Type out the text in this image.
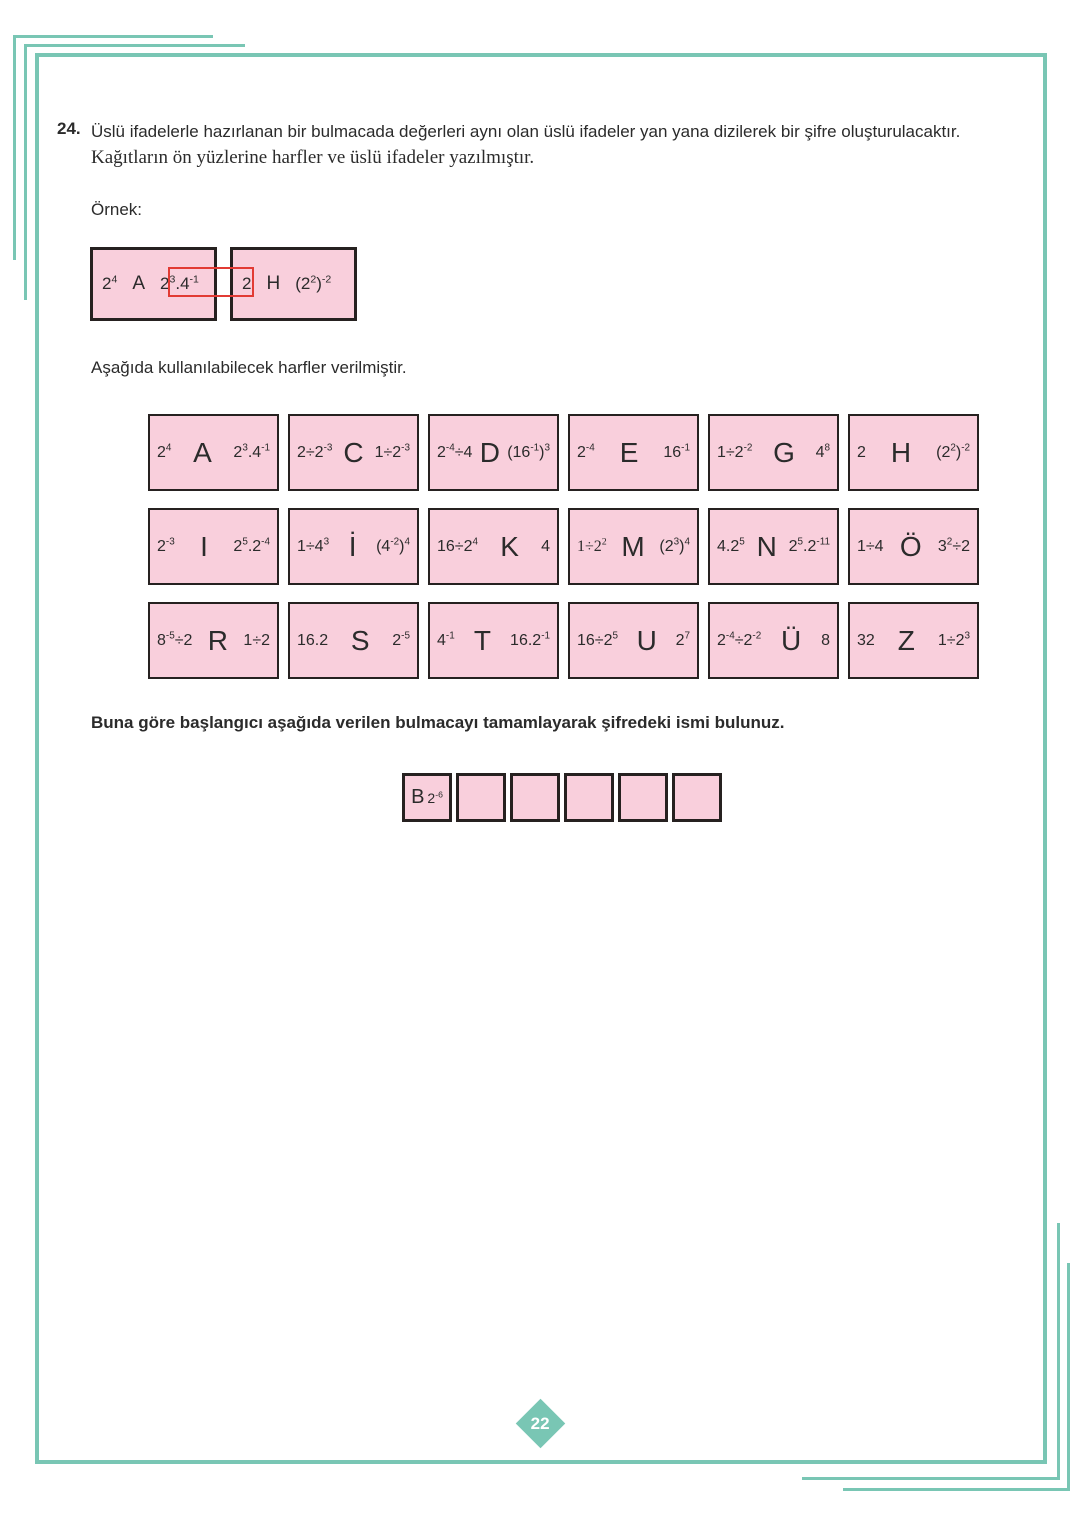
24. Üslü ifadelerle hazırlanan bir bulmacada değerleri aynı olan üslü ifadeler yan yana dizilerek bir şifre oluşturulacaktır.
Kağıtların ön yüzlerine harfler ve üslü ifadeler yazılmıştır.
Örnek:
$2^4$ A $2^3.4^{-1}$	2 H $(2^2)^{-2}$
Aşağıda kullanılabilecek harfler verilmiştir.
$2^4$ A $2^3.4^{-1}$ $2\div 2^{-3}$ C $1\div 2^{-3}$ $2^{-4}\div 4$ D $(16^{-1})^3$ $2^{-4}$ E $16^{-1}$ $1\div 2^{-2}$ G $4^8$ 2 H $(2^2)^{-2}$
$2^{-3}$ I $2^5.2^{-4}$ $1\div 4^3$ İ $(4^{-2})^4$ $16\div 2^4$ K 4 $1\div 2^2$ M $(2^3)^4$ $4.2^5$ N $2^5.2^{-11}$ 1÷4 Ö $3^2\div 2$
$8^{-5}\div 2$ R 1÷2 16.2 S $2^{-5}$ $4^{-1}$ T $16.2^{-1}$ $16\div 2^5$ U $2^7$ $2^{-4}\div 2^{-2}$ Ü 8 32 Z $1\div 2^3$
Buna göre başlangıcı aşağıda verilen bulmacayı tamamlayarak şifredeki ismi bulunuz.
B $2^{-6}$
22
